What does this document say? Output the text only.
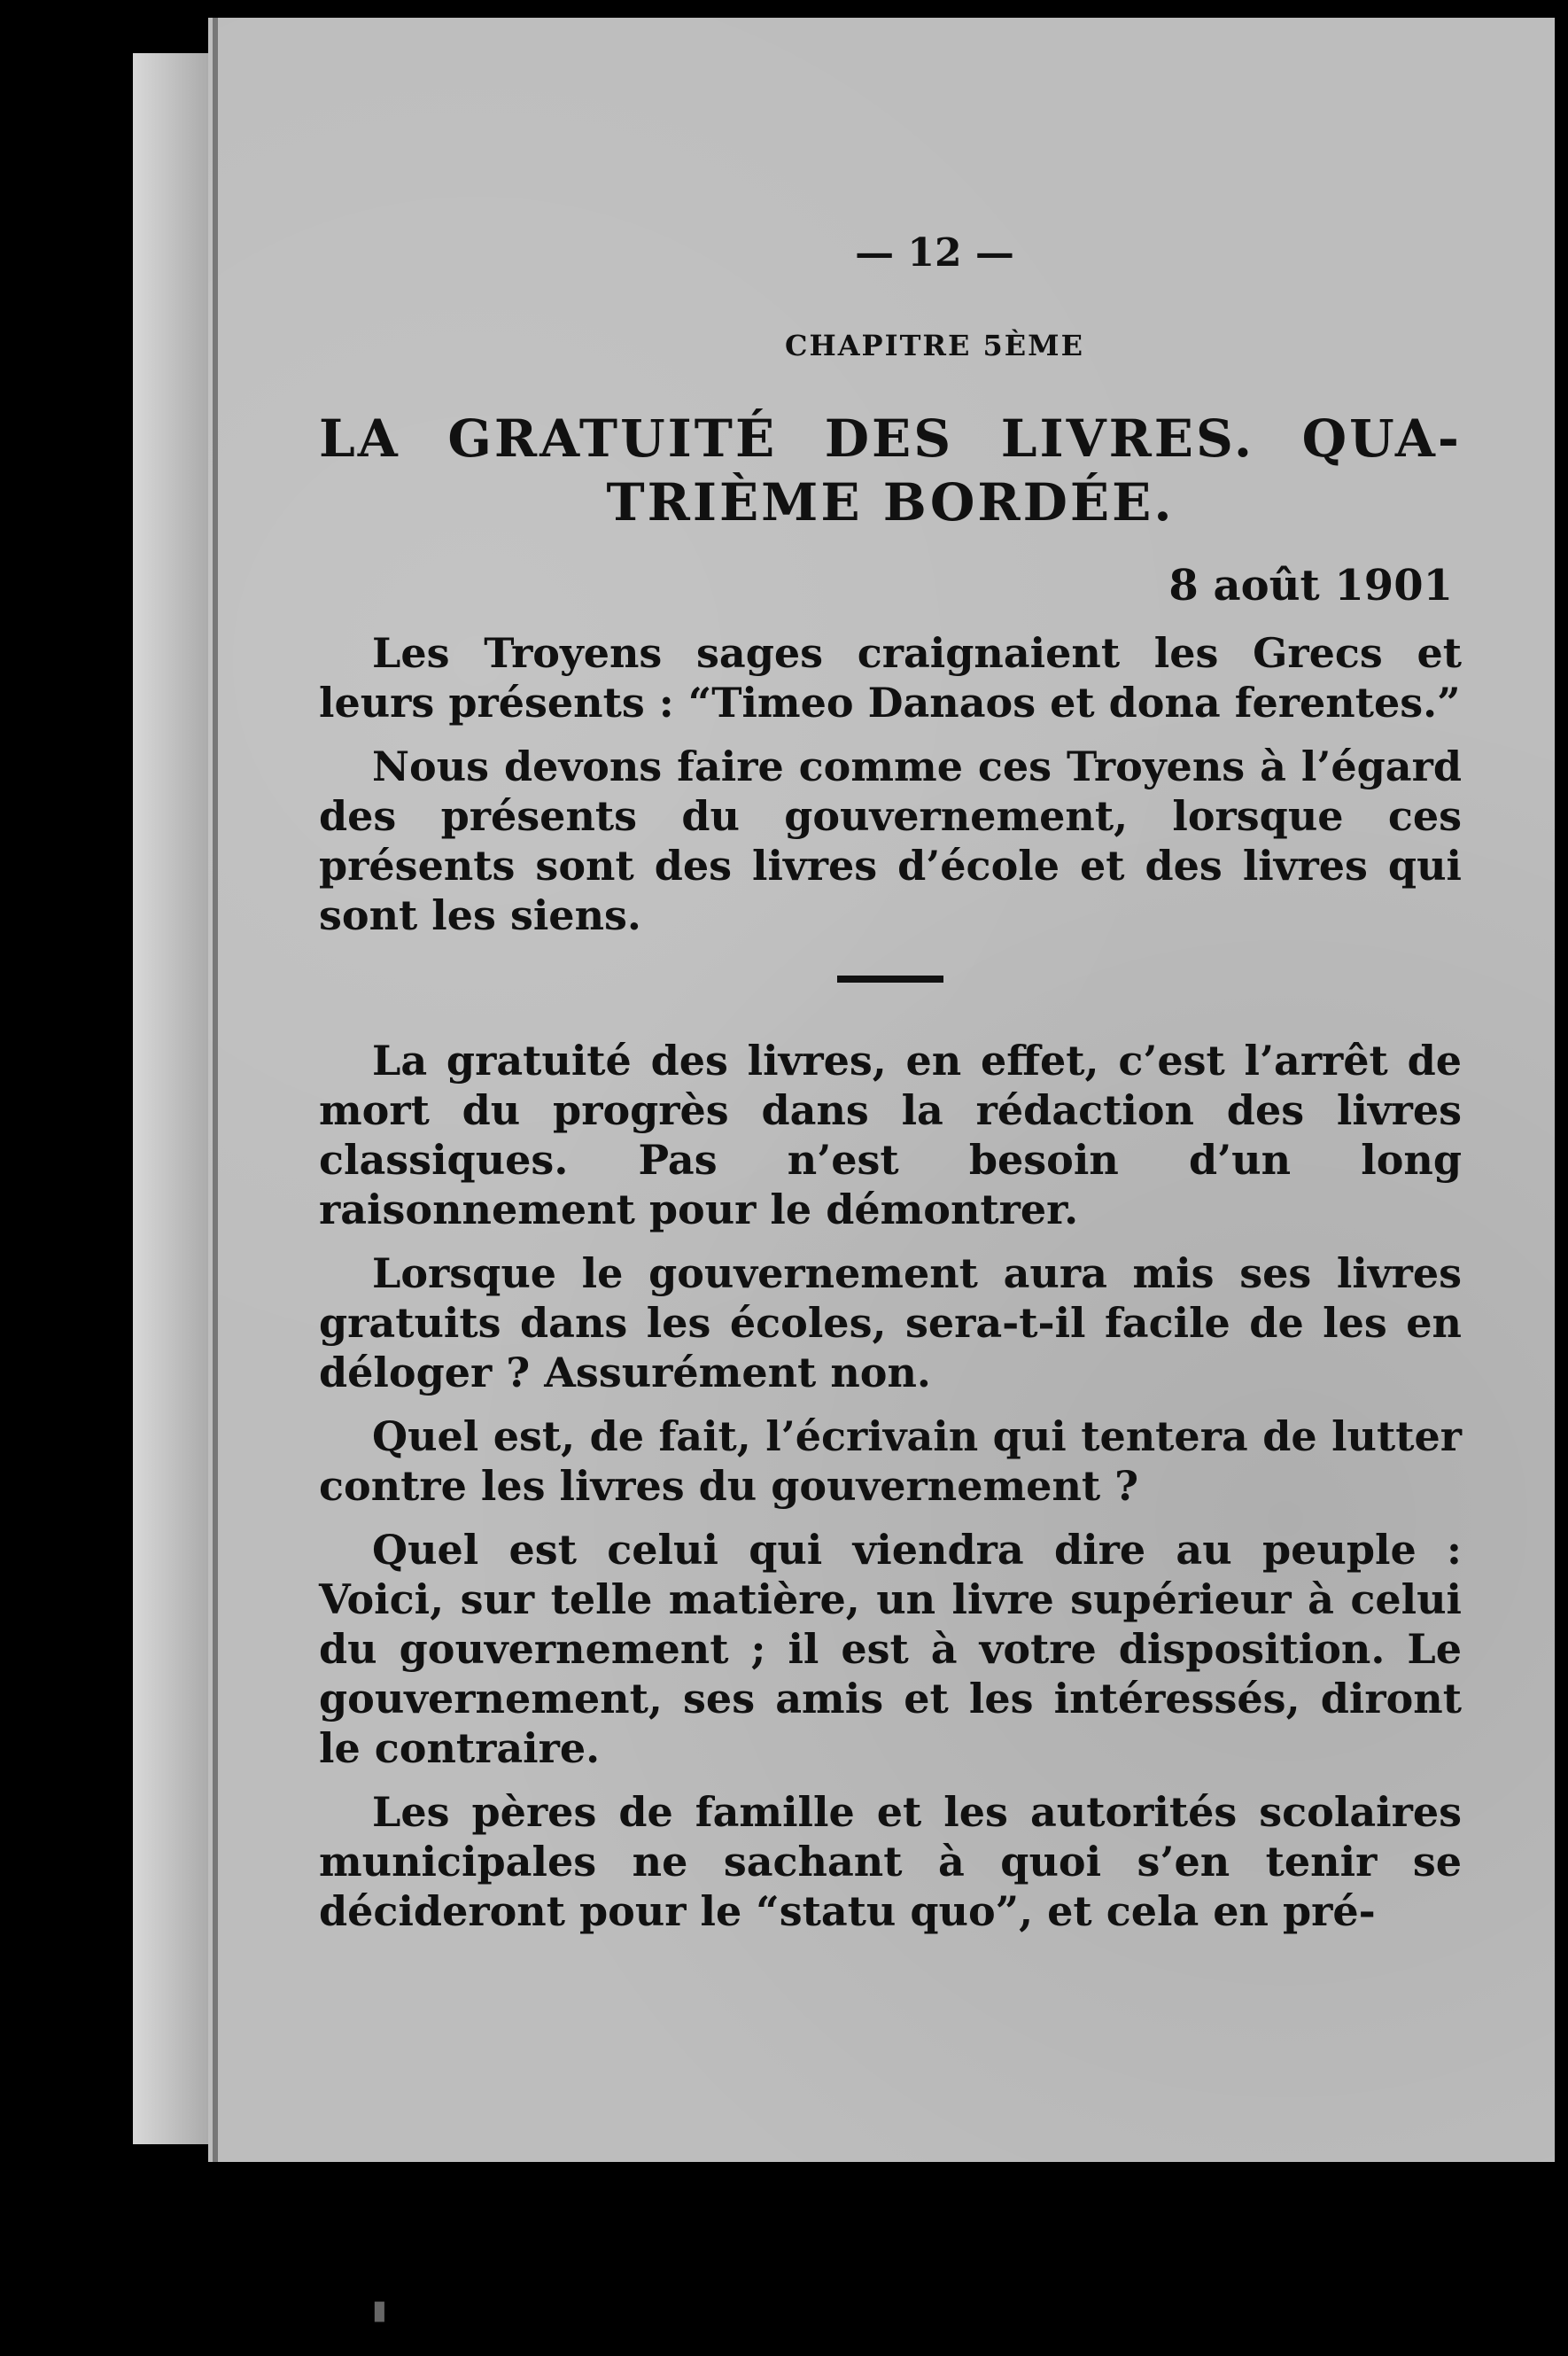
— 12 —
CHAPITRE 5ÈME
LA GRATUITÉ DES LIVRES. QUA-
TRIÈME BORDÉE.
8 août 1901

Les Troyens sages craignaient les Grecs et leurs présents : “Timeo Danaos et dona ferentes.”

Nous devons faire comme ces Troyens à l’égard des présents du gouvernement, lorsque ces présents sont des livres d’école et des livres qui sont les siens.

La gratuité des livres, en effet, c’est l’arrêt de mort du progrès dans la rédaction des livres classiques. Pas n’est besoin d’un long raisonnement pour le démontrer.

Lorsque le gouvernement aura mis ses livres gratuits dans les écoles, sera-t-il facile de les en déloger ? Assurément non.

Quel est, de fait, l’écrivain qui tentera de lutter contre les livres du gouvernement ?

Quel est celui qui viendra dire au peuple : Voici, sur telle matière, un livre supérieur à celui du gouvernement ; il est à votre disposition. Le gouvernement, ses amis et les intéressés, diront le contraire.

Les pères de famille et les autorités scolaires municipales ne sachant à quoi s’en tenir se décideront pour le “statu quo”, et cela en pré-

▮
